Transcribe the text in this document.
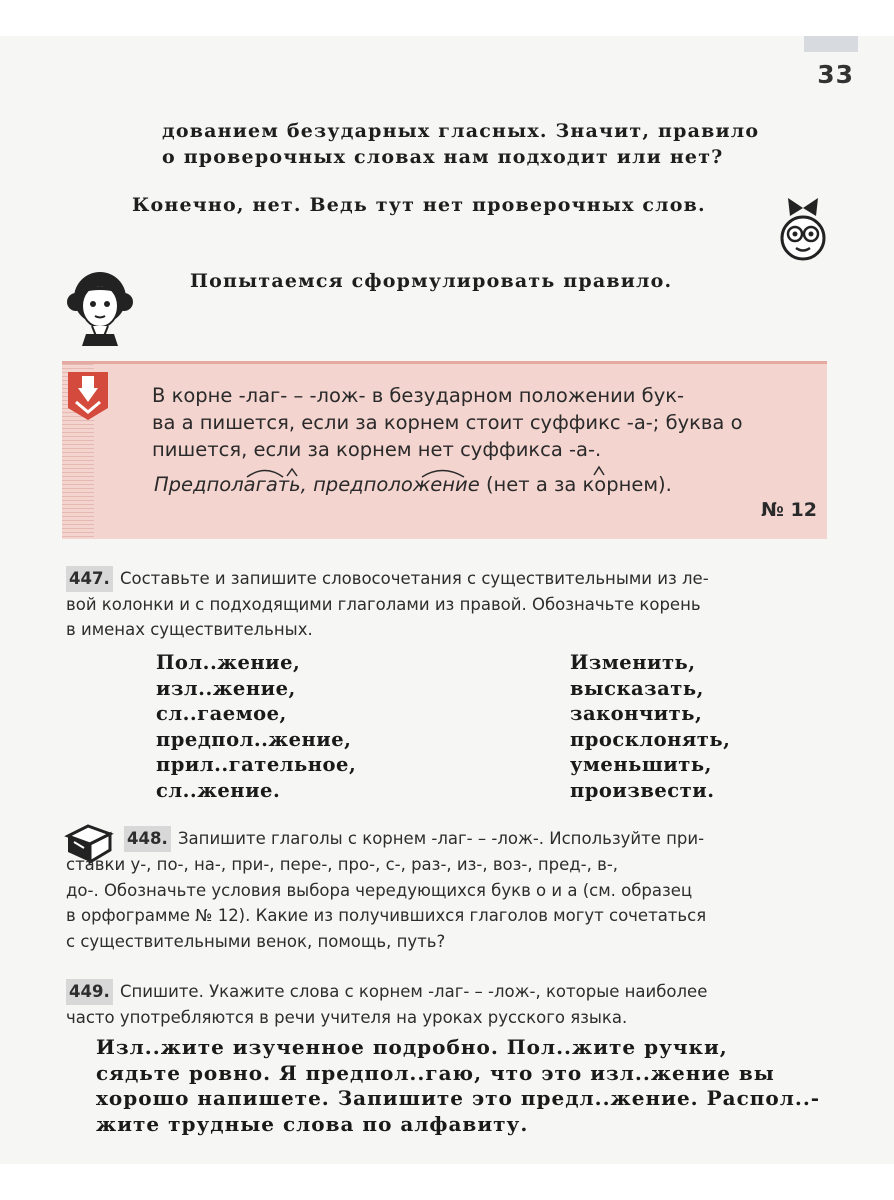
33
дованием безударных гласных. Значит, правило
о проверочных словах нам подходит или нет?
Конечно, нет. Ведь тут нет проверочных слов.
Попытаемся сформулировать правило.
В корне -лаг- – -лож- в безударном положении бук-
ва а пишется, если за корнем стоит суффикс -а-; буква о
пишется, если за корнем нет суффикса -а-.
Предполагать, предположение (нет а за корнем).
№ 12
447. Составьте и запишите словосочетания с существительными из ле-
вой колонки и с подходящими глаголами из правой. Обозначьте корень
в именах существительных.
Пол..жение,
изл..жение,
сл..гаемое,
предпол..жение,
прил..гательное,
сл..жение.
Изменить,
высказать,
закончить,
просклонять,
уменьшить,
произвести.
448. Запишите глаголы с корнем -лаг- – -лож-. Используйте при-
ставки у-, по-, на-, при-, пере-, про-, с-, раз-, из-, воз-, пред-, в-,
до-. Обозначьте условия выбора чередующихся букв о и а (см. образец
в орфограмме № 12). Какие из получившихся глаголов могут сочетаться
с существительными венок, помощь, путь?
449. Спишите. Укажите слова с корнем -лаг- – -лож-, которые наиболее
часто употребляются в речи учителя на уроках русского языка.
Изл..жите изученное подробно. Пол..жите ручки,
сядьте ровно. Я предпол..гаю, что это изл..жение вы
хорошо напишете. Запишите это предл..жение. Распол..-
жите трудные слова по алфавиту.
